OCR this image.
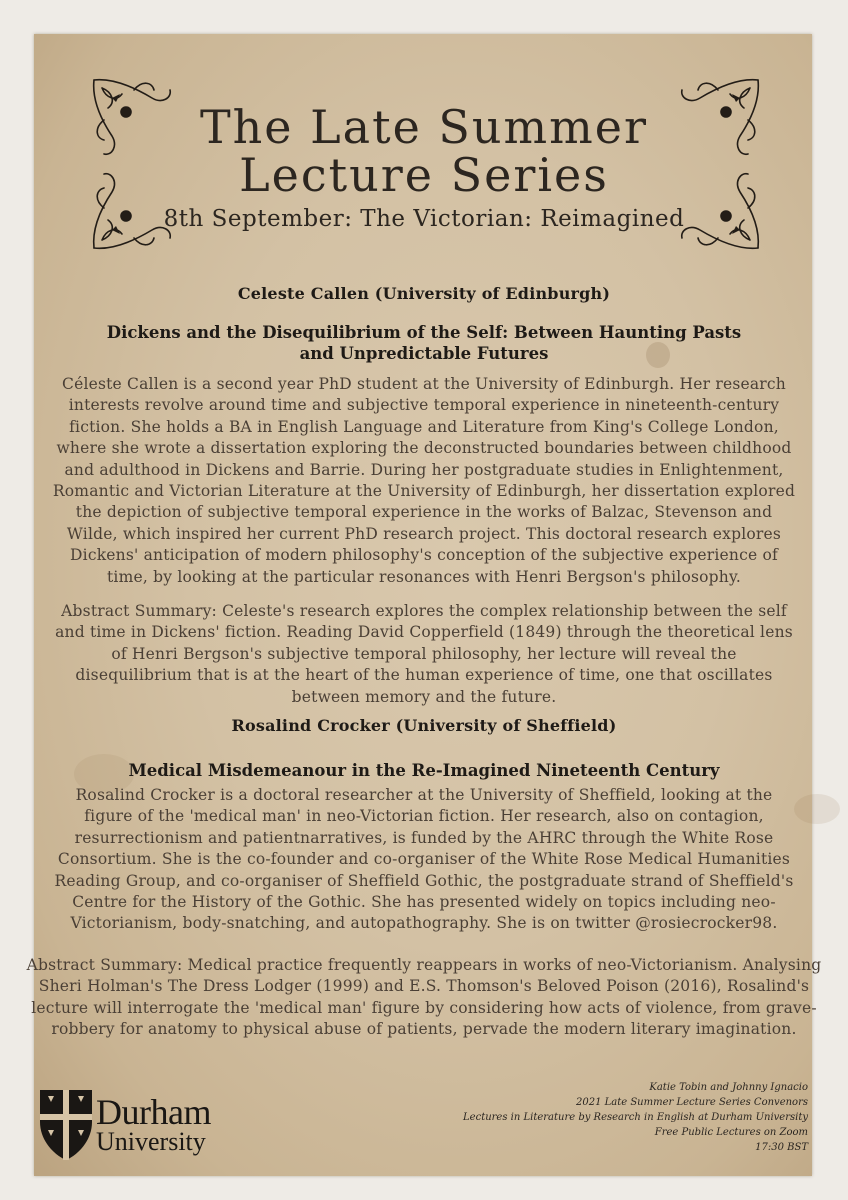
The Late Summer
Lecture Series
8th September: The Victorian: Reimagined
Celeste Callen (University of Edinburgh)
Dickens and the Disequilibrium of the Self: Between Haunting Pasts and Unpredictable Futures

Céleste Callen is a second year PhD student at the University of Edinburgh. Her research interests revolve around time and subjective temporal experience in nineteenth-century fiction. She holds a BA in English Language and Literature from King's College London, where she wrote a dissertation exploring the deconstructed boundaries between childhood and adulthood in Dickens and Barrie. During her postgraduate studies in Enlightenment, Romantic and Victorian Literature at the University of Edinburgh, her dissertation explored the depiction of subjective temporal experience in the works of Balzac, Stevenson and Wilde, which inspired her current PhD research project. This doctoral research explores Dickens' anticipation of modern philosophy's conception of the subjective experience of time, by looking at the particular resonances with Henri Bergson's philosophy.

Abstract Summary: Celeste's research explores the complex relationship between the self and time in Dickens' fiction. Reading David Copperfield (1849) through the theoretical lens of Henri Bergson's subjective temporal philosophy, her lecture will reveal the disequilibrium that is at the heart of the human experience of time, one that oscillates between memory and the future.

Rosalind Crocker (University of Sheffield)
Medical Misdemeanour in the Re-Imagined Nineteenth Century

Rosalind Crocker is a doctoral researcher at the University of Sheffield, looking at the figure of the 'medical man' in neo-Victorian fiction. Her research, also on contagion, resurrectionism and patientnarratives, is funded by the AHRC through the White Rose Consortium. She is the co-founder and co-organiser of the White Rose Medical Humanities Reading Group, and co-organiser of Sheffield Gothic, the postgraduate strand of Sheffield's Centre for the History of the Gothic. She has presented widely on topics including neo-Victorianism, body-snatching, and autopathography. She is on twitter @rosiecrocker98.

Abstract Summary: Medical practice frequently reappears in works of neo-Victorianism. Analysing Sheri Holman's The Dress Lodger (1999) and E.S. Thomson's Beloved Poison (2016), Rosalind's lecture will interrogate the 'medical man' figure by considering how acts of violence, from grave-robbery for anatomy to physical abuse of patients, pervade the modern literary imagination.

Durham
University
Katie Tobin and Johnny Ignacio
2021 Late Summer Lecture Series Convenors
Lectures in Literature by Research in English at Durham University
Free Public Lectures on Zoom
17:30 BST
